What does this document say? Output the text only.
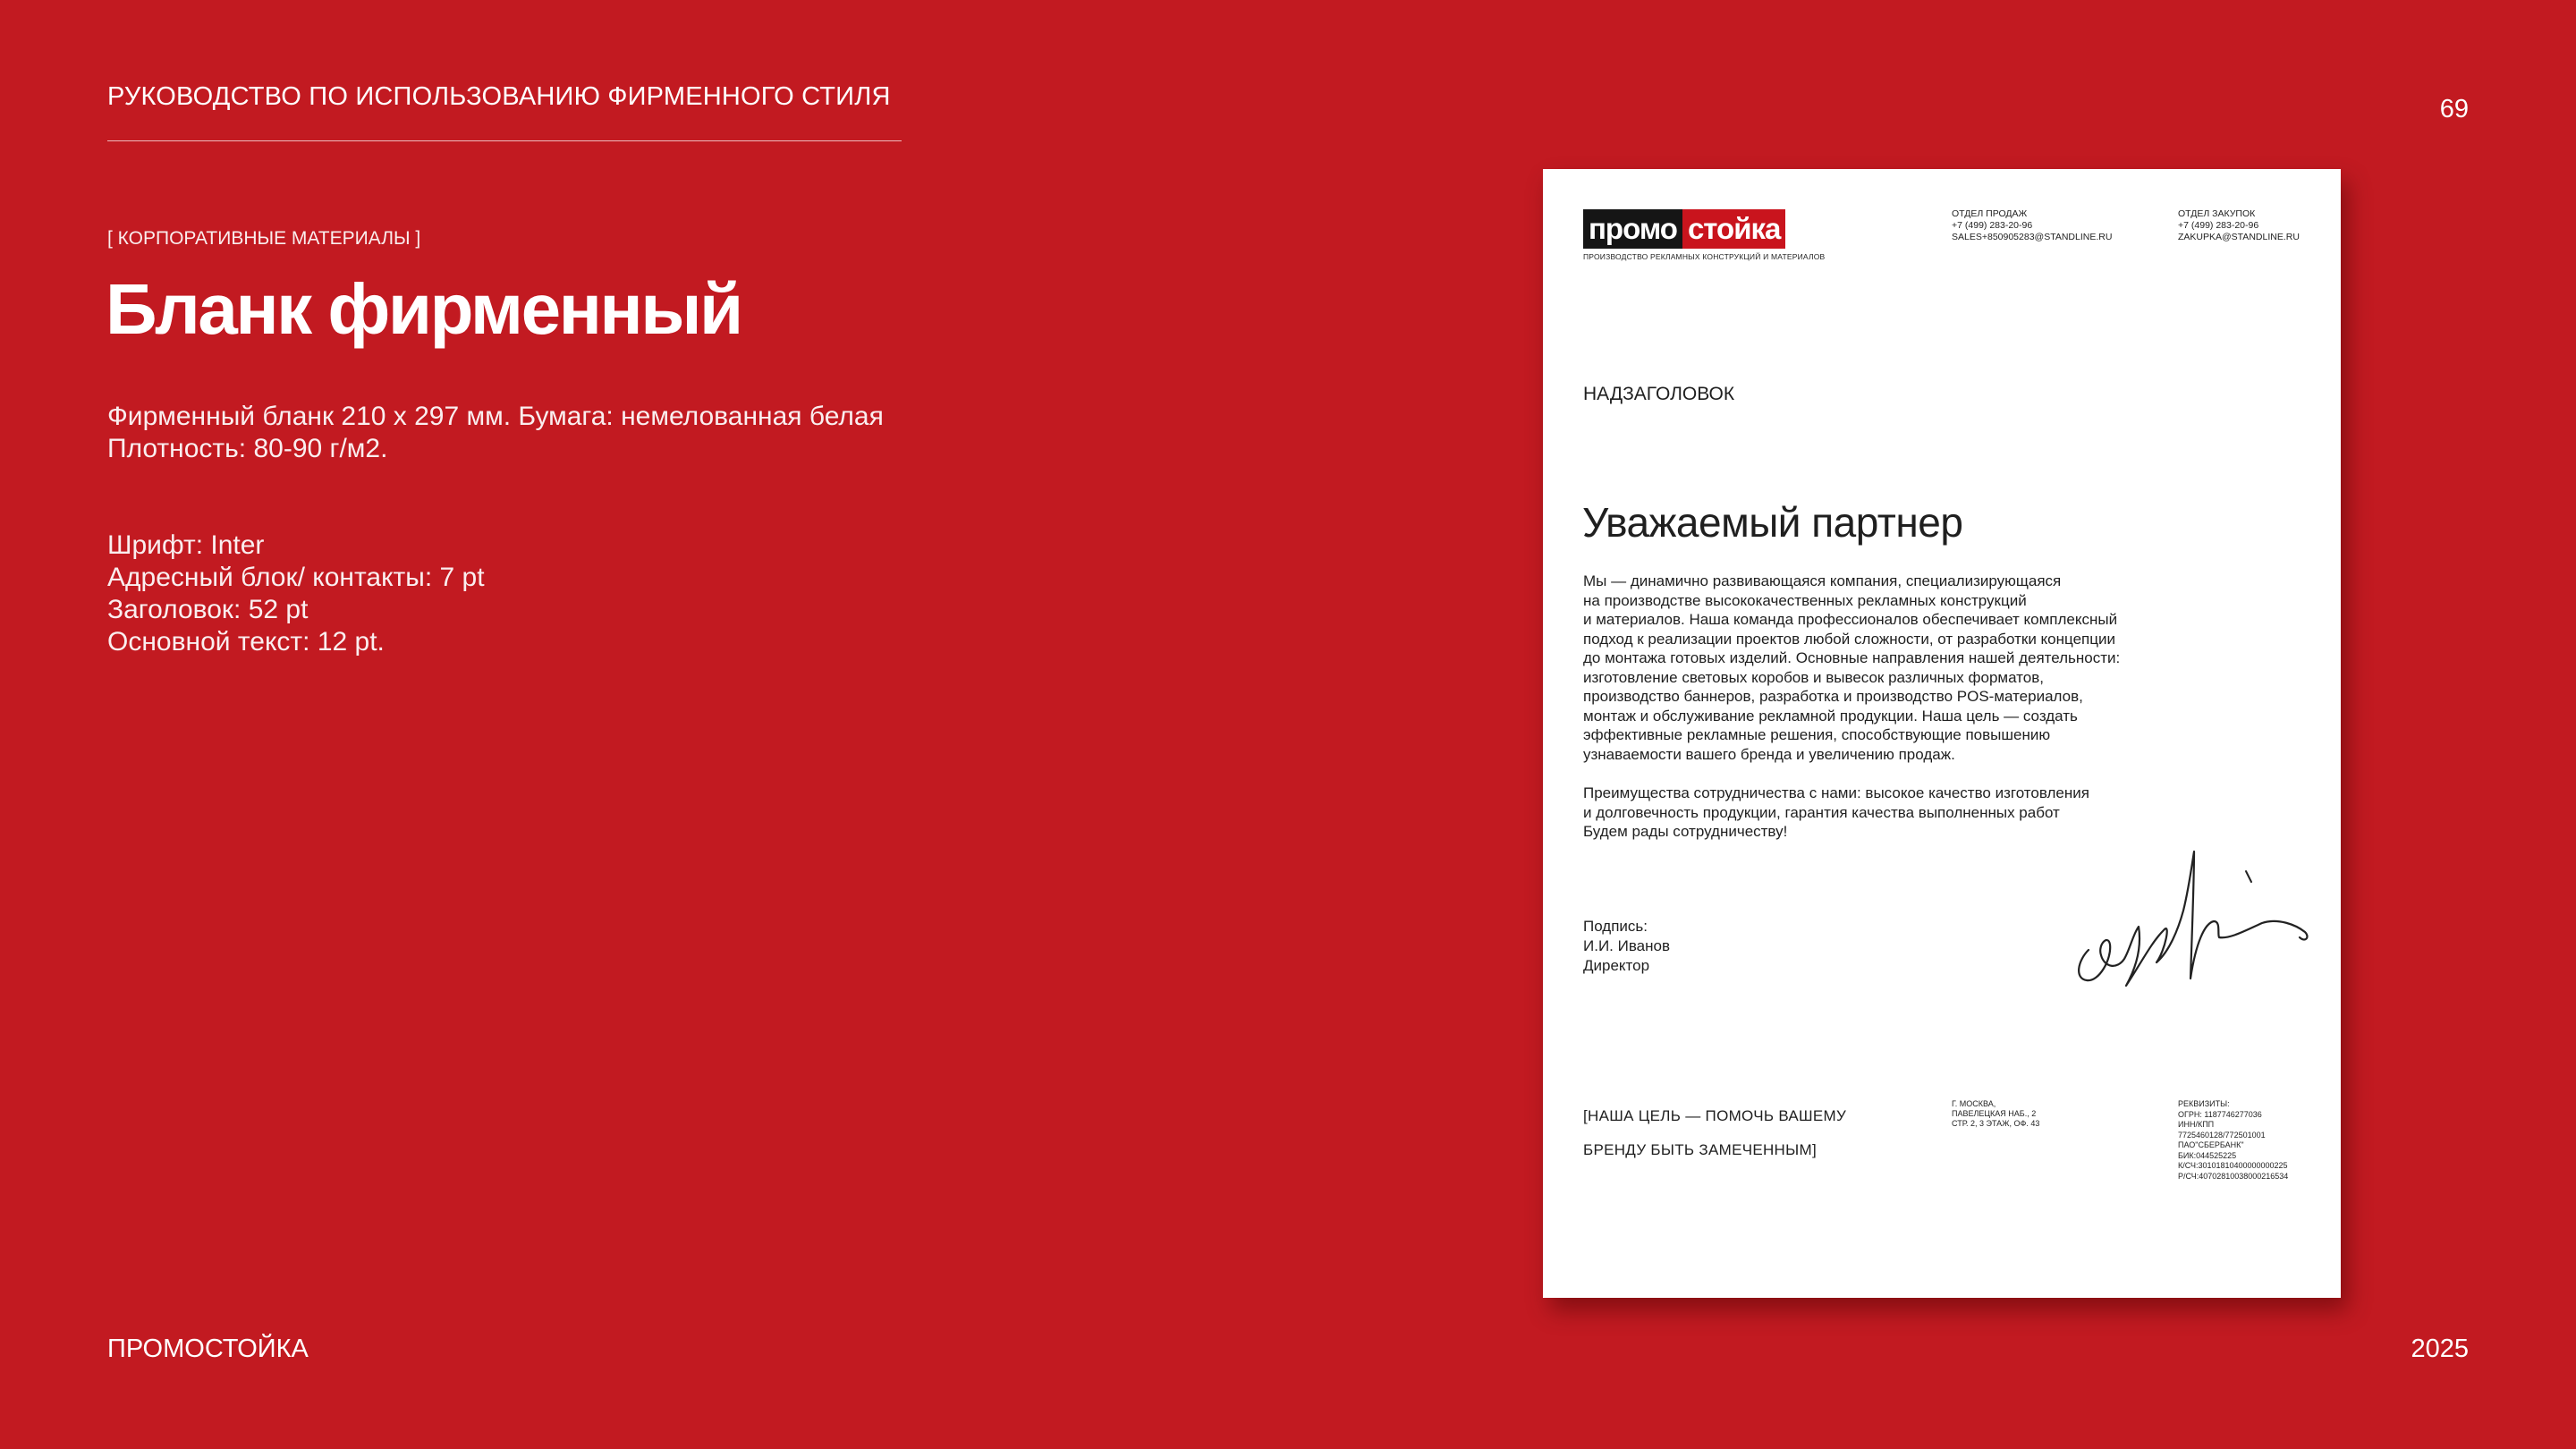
РУКОВОДСТВО ПО ИСПОЛЬЗОВАНИЮ ФИРМЕННОГО СТИЛЯ	69
[ КОРПОРАТИВНЫЕ МАТЕРИАЛЫ ]
Бланк фирменный
Фирменный бланк 210 х 297 мм. Бумага: немелованная белая
Плотность: 80-90 г/м2.
Шрифт: Inter
Адресный блок/ контакты: 7 pt
Заголовок: 52 pt
Основной текст: 12 pt.
ПРОМОСТОЙКА	2025
промо стойка
ПРОИЗВОДСТВО РЕКЛАМНЫХ КОНСТРУКЦИЙ И МАТЕРИАЛОВ
ОТДЕЛ ПРОДАЖ
+7 (499) 283-20-96
SALES+850905283@STANDLINE.RU
ОТДЕЛ ЗАКУПОК
+7 (499) 283-20-96
ZAKUPKA@STANDLINE.RU
НАДЗАГОЛОВОК
Уважаемый партнер

Мы — динамично развивающаяся компания, специализирующаяся
на производстве высококачественных рекламных конструкций
и материалов. Наша команда профессионалов обеспечивает комплексный
подход к реализации проектов любой сложности, от разработки концепции
до монтажа готовых изделий. Основные направления нашей деятельности:
изготовление световых коробов и вывесок различных форматов,
производство баннеров, разработка и производство POS-материалов,
монтаж и обслуживание рекламной продукции. Наша цель — создать
эффективные рекламные решения, способствующие повышению
узнаваемости вашего бренда и увеличению продаж.

Преимущества сотрудничества с нами: высокое качество изготовления
и долговечность продукции, гарантия качества выполненных работ
Будем рады сотрудничеству!

Подпись:
И.И. Иванов
Директор
[НАША ЦЕЛЬ — ПОМОЧЬ ВАШЕМУ
БРЕНДУ БЫТЬ ЗАМЕЧЕННЫМ]
Г. МОСКВА,
ПАВЕЛЕЦКАЯ НАБ., 2
СТР. 2, 3 ЭТАЖ, ОФ. 43
РЕКВИЗИТЫ:
ОГРН: 1187746277036
ИНН/КПП
7725460128/772501001
ПАО"СБЕРБАНК"
БИК:044525225
К/СЧ:30101810400000000225
Р/СЧ:40702810038000216534
